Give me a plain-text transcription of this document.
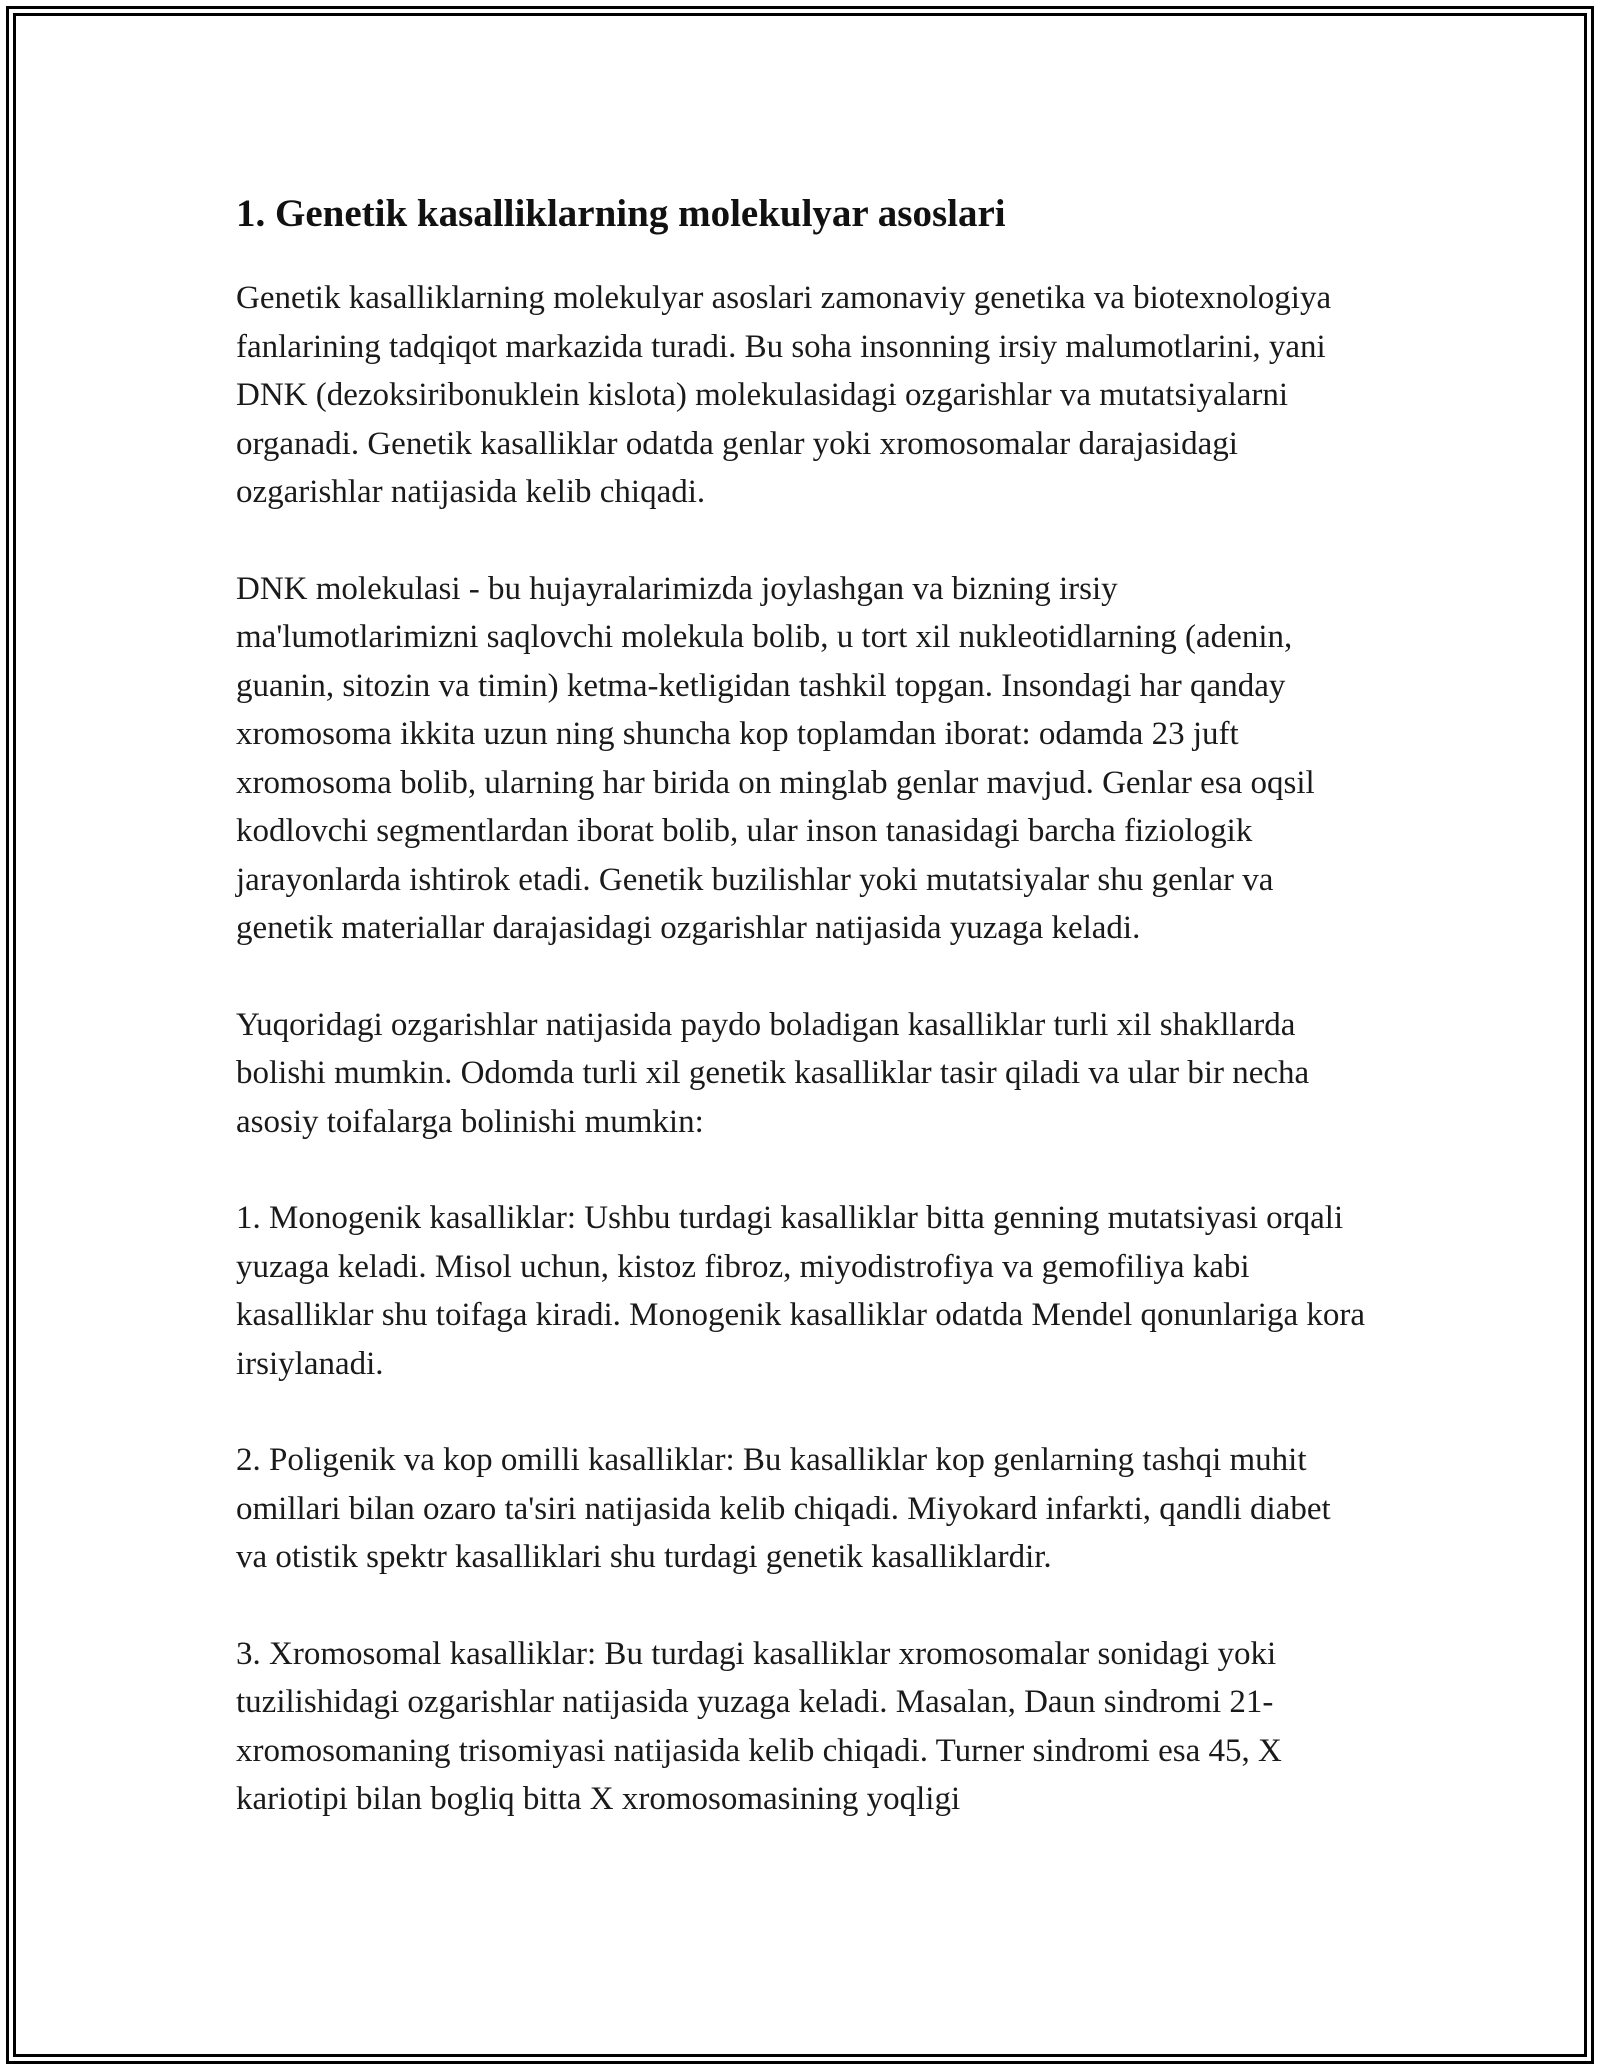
1. Genetik kasalliklarning molekulyar asoslari

Genetik kasalliklarning molekulyar asoslari zamonaviy genetika va biotexnologiya fanlarining tadqiqot markazida turadi. Bu soha insonning irsiy malumotlarini, yani DNK (dezoksiribonuklein kislota) molekulasidagi ozgarishlar va mutatsiyalarni organadi. Genetik kasalliklar odatda genlar yoki xromosomalar darajasidagi ozgarishlar natijasida kelib chiqadi.

DNK molekulasi - bu hujayralarimizda joylashgan va bizning irsiy ma'lumotlarimizni saqlovchi molekula bolib, u tort xil nukleotidlarning (adenin, guanin, sitozin va timin) ketma-ketligidan tashkil topgan. Insondagi har qanday xromosoma ikkita uzun ning shuncha kop toplamdan iborat: odamda 23 juft xromosoma bolib, ularning har birida on minglab genlar mavjud. Genlar esa oqsil kodlovchi segmentlardan iborat bolib, ular inson tanasidagi barcha fiziologik jarayonlarda ishtirok etadi. Genetik buzilishlar yoki mutatsiyalar shu genlar va genetik materiallar darajasidagi ozgarishlar natijasida yuzaga keladi.

Yuqoridagi ozgarishlar natijasida paydo boladigan kasalliklar turli xil shakllarda bolishi mumkin. Odomda turli xil genetik kasalliklar tasir qiladi va ular bir necha asosiy toifalarga bolinishi mumkin:

1. Monogenik kasalliklar: Ushbu turdagi kasalliklar bitta genning mutatsiyasi orqali yuzaga keladi. Misol uchun, kistoz fibroz, miyodistrofiya va gemofiliya kabi kasalliklar shu toifaga kiradi. Monogenik kasalliklar odatda Mendel qonunlariga kora irsiylanadi.

2. Poligenik va kop omilli kasalliklar: Bu kasalliklar kop genlarning tashqi muhit omillari bilan ozaro ta'siri natijasida kelib chiqadi. Miyokard infarkti, qandli diabet va otistik spektr kasalliklari shu turdagi genetik kasalliklardir.

3. Xromosomal kasalliklar: Bu turdagi kasalliklar xromosomalar sonidagi yoki tuzilishidagi ozgarishlar natijasida yuzaga keladi. Masalan, Daun sindromi 21-xromosomaning trisomiyasi natijasida kelib chiqadi. Turner sindromi esa 45, X kariotipi bilan bogliq bitta X xromosomasining yoqligi
